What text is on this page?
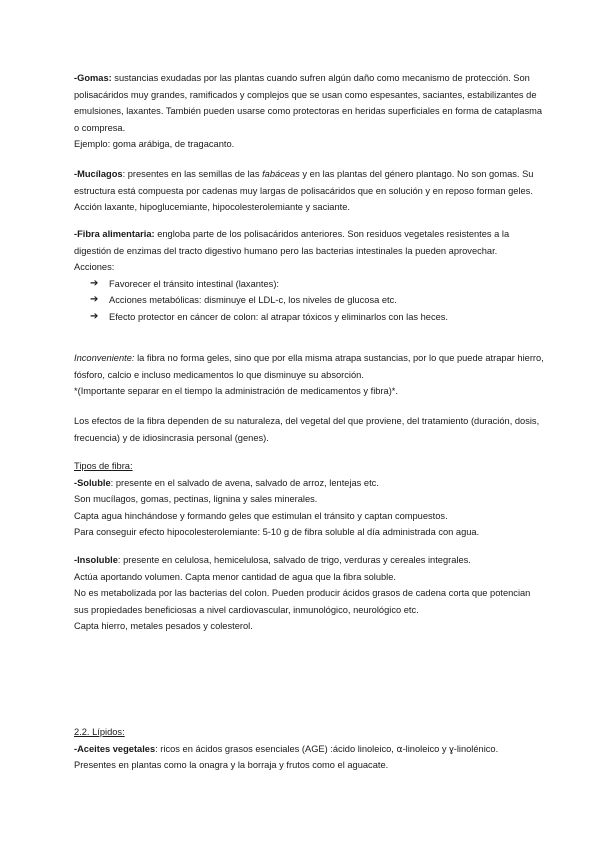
-Gomas: sustancias exudadas por las plantas cuando sufren algún daño como mecanismo de protección. Son polisacáridos muy grandes, ramificados y complejos que se usan como espesantes, saciantes, estabilizantes de emulsiones, laxantes. También pueden usarse como protectoras en heridas superficiales en forma de cataplasma o compresa.

Ejemplo: goma arábiga, de tragacanto.

-Mucílagos: presentes en las semillas de las fabáceas y en las plantas del género plantago. No son gomas. Su estructura está compuesta por cadenas muy largas de polisacáridos que en solución y en reposo forman geles. Acción laxante, hipoglucemiante, hipocolesterolemiante y saciante.

-Fibra alimentaria: engloba parte de los polisacáridos anteriores. Son residuos vegetales resistentes a la digestión de enzimas del tracto digestivo humano pero las bacterias intestinales la pueden aprovechar.

Acciones:

➔ Favorecer el tránsito intestinal (laxantes):
➔ Acciones metabólicas: disminuye el LDL-c, los niveles de glucosa etc.
➔ Efecto protector en cáncer de colon: al atrapar tóxicos y eliminarlos con las heces.

Inconveniente: la fibra no forma geles, sino que por ella misma atrapa sustancias, por lo que puede atrapar hierro, fósforo, calcio e incluso medicamentos lo que disminuye su absorción.

*(Importante separar en el tiempo la administración de medicamentos y fibra)*.

Los efectos de la fibra dependen de su naturaleza, del vegetal del que proviene, del tratamiento (duración, dosis, frecuencia) y de idiosincrasia personal (genes).

Tipos de fibra:

-Soluble: presente en el salvado de avena, salvado de arroz, lentejas etc.

Son mucílagos, gomas, pectinas, lignina y sales minerales.

Capta agua hinchándose y formando geles que estimulan el tránsito y captan compuestos.

Para conseguir efecto hipocolesterolemiante: 5-10 g de fibra soluble al día administrada con agua.

-Insoluble: presente en celulosa, hemicelulosa, salvado de trigo, verduras y cereales integrales.

Actúa aportando volumen. Capta menor cantidad de agua que la fibra soluble.

No es metabolizada por las bacterias del colon. Pueden producir ácidos grasos de cadena corta que potencian sus propiedades beneficiosas a nivel cardiovascular, inmunológico, neurológico etc.

Capta hierro, metales pesados y colesterol.

2.2. Lípidos:

-Aceites vegetales: ricos en ácidos grasos esenciales (AGE) :ácido linoleico, ⍺-linoleico y ɣ-linolénico.

Presentes en plantas como la onagra y la borraja y frutos como el aguacate.
